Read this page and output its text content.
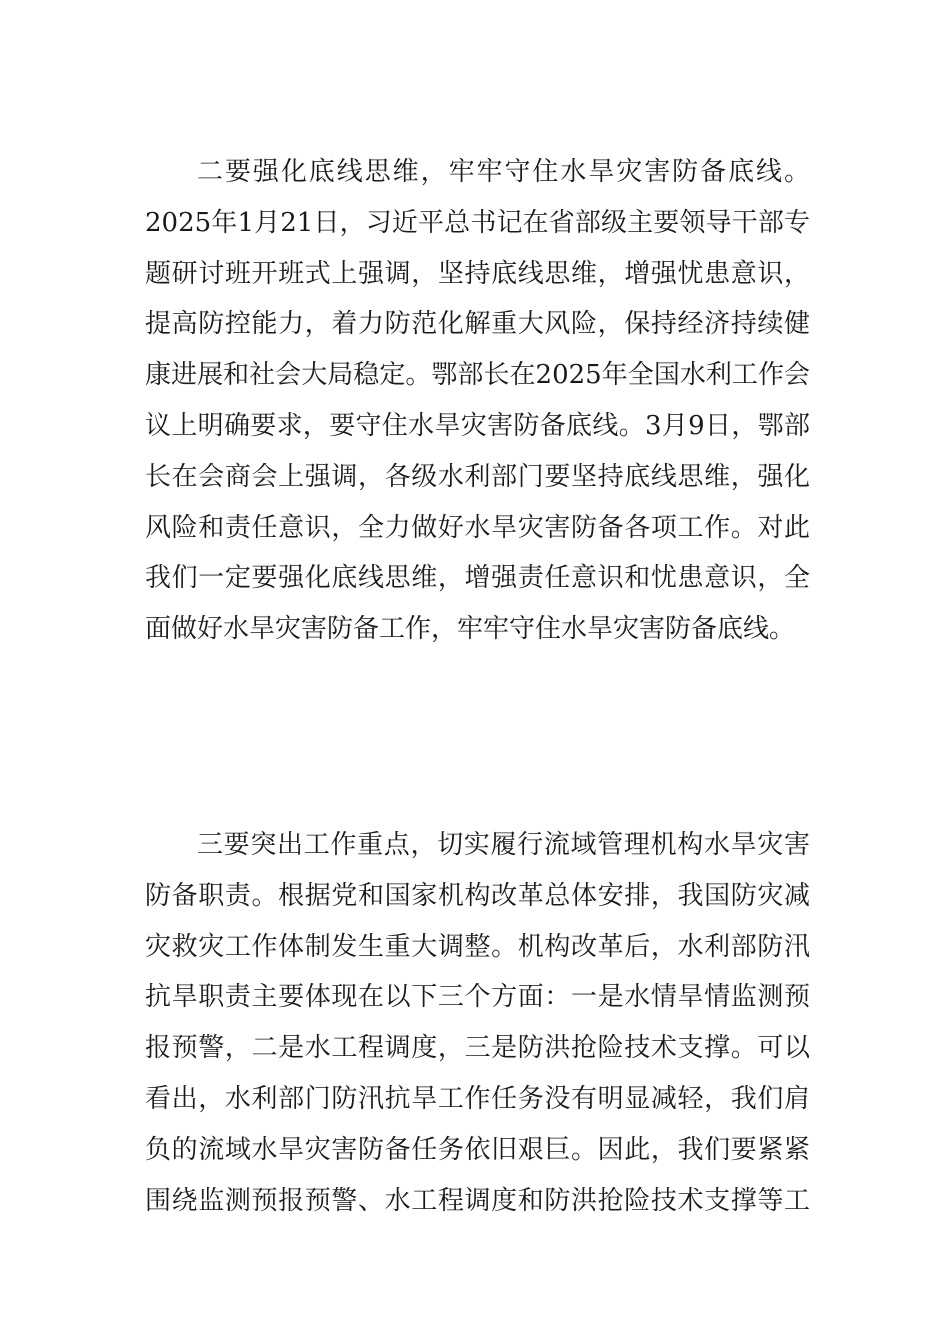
二要强化底线思维，牢牢守住水旱灾害防备底线。
2025年1月21日，习近平总书记在省部级主要领导干部专
题研讨班开班式上强调，坚持底线思维，增强忧患意识，
提高防控能力，着力防范化解重大风险，保持经济持续健
康进展和社会大局稳定。鄂部长在2025年全国水利工作会
议上明确要求，要守住水旱灾害防备底线。3月9日，鄂部
长在会商会上强调，各级水利部门要坚持底线思维，强化
风险和责任意识，全力做好水旱灾害防备各项工作。对此
我们一定要强化底线思维，增强责任意识和忧患意识，全
面做好水旱灾害防备工作，牢牢守住水旱灾害防备底线。
三要突出工作重点，切实履行流域管理机构水旱灾害
防备职责。根据党和国家机构改革总体安排，我国防灾减
灾救灾工作体制发生重大调整。机构改革后，水利部防汛
抗旱职责主要体现在以下三个方面：一是水情旱情监测预
报预警，二是水工程调度，三是防洪抢险技术支撑。可以
看出，水利部门防汛抗旱工作任务没有明显减轻，我们肩
负的流域水旱灾害防备任务依旧艰巨。因此，我们要紧紧
围绕监测预报预警、水工程调度和防洪抢险技术支撑等工
